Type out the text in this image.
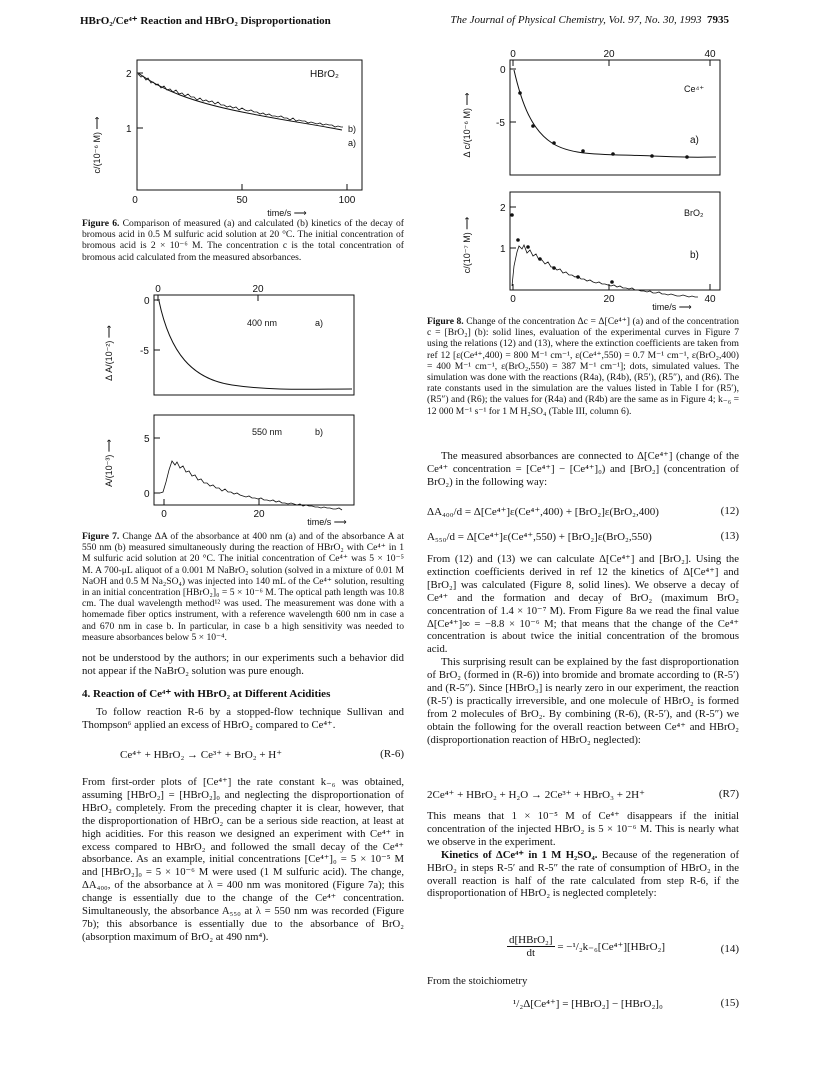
HBrO₂/Ce⁴⁺ Reaction and HBrO₂ Disproportionation	The Journal of Physical Chemistry, Vol. 97, No. 30, 1993 7935
2
1
0	50	100
time/s ⟶
c/(10⁻⁶ M) ⟶
HBrO₂
b)
a)
Figure 6. Comparison of measured (a) and calculated (b) kinetics of the decay of bromous acid in 0.5 M sulfuric acid solution at 20 °C. The initial concentration of bromous acid is 2 × 10⁻⁶ M. The concentration c is the total concentration of bromous acid calculated from the measured absorbances.
0
-5
0	20
Δ A/(10⁻²) ⟶
400 nm	a)
5
0
0	20
time/s ⟶
A/(10⁻³) ⟶
550 nm	b)
Figure 7. Change ΔA of the absorbance at 400 nm (a) and of the absorbance A at 550 nm (b) measured simultaneously during the reaction of HBrO₂ with Ce⁴⁺ in 1 M sulfuric acid solution at 20 °C. The initial concentration of Ce⁴⁺ was 5 × 10⁻⁵ M. A 700-μL aliquot of a 0.001 M NaBrO₂ solution (solved in a mixture of 0.01 M NaOH and 0.5 M Na₂SO₄) was injected into 140 mL of the Ce⁴⁺ solution, resulting in an initial concentration [HBrO₂]₀ = 5 × 10⁻⁶ M. The optical path length was 10.8 cm. The dual wavelength method¹² was used. The measurement was done with a homemade fiber optics instrument, with a reference wavelength 600 nm in case a and 670 nm in case b. In particular, in case b a high sensitivity was needed to measure absorbances below 5 × 10⁻⁴.

not be understood by the authors; in our experiments such a behavior did not appear if the NaBrO₂ solution was pure enough.

4. Reaction of Ce⁴⁺ with HBrO₂ at Different Acidities

To follow reaction R-6 by a stopped-flow technique Sullivan and Thompson⁶ applied an excess of HBrO₂ compared to Ce⁴⁺.

Ce⁴⁺ + HBrO₂ → Ce³⁺ + BrO₂ + H⁺	(R-6)

From first-order plots of [Ce⁴⁺] the rate constant k₋₆ was obtained, assuming [HBrO₂] = [HBrO₂]₀ and neglecting the disproportionation of HBrO₂ completely. From the preceding chapter it is clear, however, that the disproportionation of HBrO₂ can be a serious side reaction, at least at high acidities. For this reason we designed an experiment with Ce⁴⁺ in excess compared to HBrO₂ and followed the small decay of the Ce⁴⁺ absorbance. As an example, initial concentrations [Ce⁴⁺]₀ = 5 × 10⁻⁵ M and [HBrO₂]₀ = 5 × 10⁻⁶ M were used (1 M sulfuric acid). The change, ΔA₄₀₀, of the absorbance at λ = 400 nm was monitored (Figure 7a); this change is essentially due to the change of the Ce⁴⁺ concentration. Simultaneously, the absorbance A₅₅₀ at λ = 550 nm was recorded (Figure 7b); this absorbance is essentially due to the absorbance of BrO₂ (absorption maximum of BrO₂ at 490 nm⁴).

0
-5
0	20	40
Δ c/(10⁻⁶ M) ⟶
Ce⁴⁺
a)
2
1
0	20	40
time/s ⟶
c/(10⁻⁷ M) ⟶
BrO₂
b)
Figure 8. Change of the concentration Δc = Δ[Ce⁴⁺] (a) and of the concentration c = [BrO₂] (b): solid lines, evaluation of the experimental curves in Figure 7 using the relations (12) and (13), where the extinction coefficients are taken from ref 12 [ε(Ce⁴⁺,400) = 800 M⁻¹ cm⁻¹, ε(Ce⁴⁺,550) = 0.7 M⁻¹ cm⁻¹, ε(BrO₂,400) = 400 M⁻¹ cm⁻¹, ε(BrO₂,550) = 387 M⁻¹ cm⁻¹]; dots, simulated values. The simulation was done with the reactions (R4a), (R4b), (R5′), (R5″), and (R6). The rate constants used in the simulation are the values listed in Table I for (R5′), (R5″) and (R6); the values for (R4a) and (R4b) are the same as in Figure 4; k₋₆ = 12 000 M⁻¹ s⁻¹ for 1 M H₂SO₄ (Table III, column 6).

The measured absorbances are connected to Δ[Ce⁴⁺] (change of the Ce⁴⁺ concentration = [Ce⁴⁺] − [Ce⁴⁺]₀) and [BrO₂] (concentration of BrO₂) in the following way:

ΔA₄₀₀/d = Δ[Ce⁴⁺]ε(Ce⁴⁺,400) + [BrO₂]ε(BrO₂,400)	(12)
A₅₅₀/d = Δ[Ce⁴⁺]ε(Ce⁴⁺,550) + [BrO₂]ε(BrO₂,550)	(13)

From (12) and (13) we can calculate Δ[Ce⁴⁺] and [BrO₂]. Using the extinction coefficients derived in ref 12 the kinetics of Δ[Ce⁴⁺] and [BrO₂] was calculated (Figure 8, solid lines). We observe a decay of Ce⁴⁺ and the formation and decay of BrO₂ (maximum BrO₂ concentration of 1.4 × 10⁻⁷ M). From Figure 8a we read the final value Δ[Ce⁴⁺]∞ = −8.8 × 10⁻⁶ M; that means that the change of the Ce⁴⁺ concentration is about twice the initial concentration of the bromous acid.

This surprising result can be explained by the fast disproportionation of BrO₂ (formed in (R-6)) into bromide and bromate according to (R-5′) and (R-5″). Since [HBrO₃] is nearly zero in our experiment, the reaction (R-5′) is practically irreversible, and one molecule of HBrO₂ is formed from 2 molecules of BrO₂. By combining (R-6), (R-5′), and (R-5″) we obtain the following for the overall reaction between Ce⁴⁺ and HBrO₂ (disproportionation reaction of HBrO₂ neglected):

2Ce⁴⁺ + HBrO₂ + H₂O → 2Ce³⁺ + HBrO₃ + 2H⁺	(R7)

This means that 1 × 10⁻⁵ M of Ce⁴⁺ disappears if the initial concentration of the injected HBrO₂ is 5 × 10⁻⁶ M. This is nearly what we observe in the experiment.

Kinetics of ΔCe⁴⁺ in 1 M H₂SO₄. Because of the regeneration of HBrO₂ in steps R-5′ and R-5″ the rate of consumption of HBrO₂ in the overall reaction is half of the rate calculated from step R-6, if the disproportionation of HBrO₂ is neglected completely:

$\frac{\text{d[HBrO₂]}}{dt}$ = −¹/₂k₋₆[Ce⁴⁺][HBrO₂]	(14)

From the stoichiometry

¹/₂Δ[Ce⁴⁺] = [HBrO₂] − [HBrO₂]₀	(15)
